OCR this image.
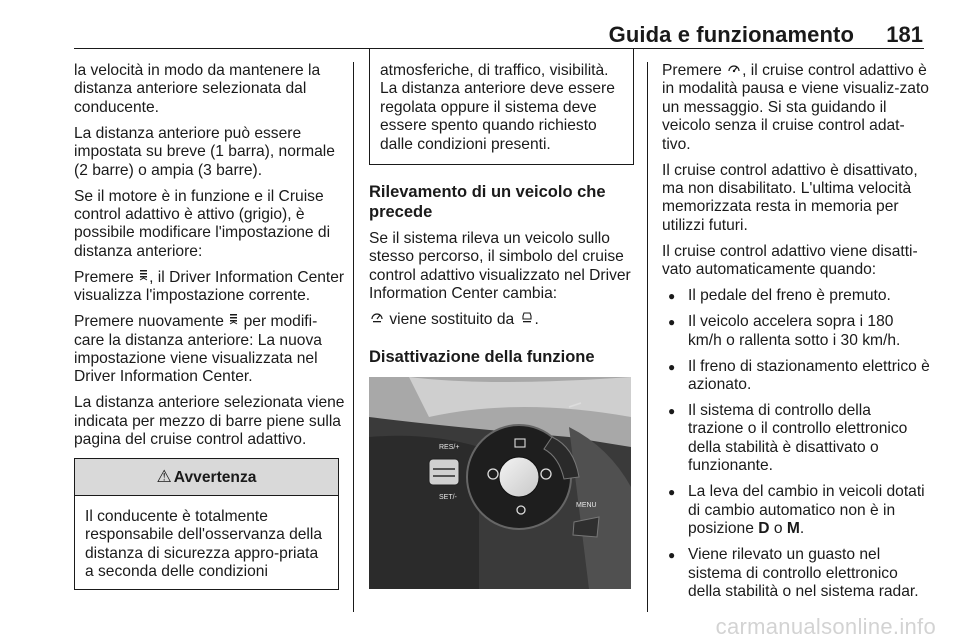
Guida e funzionamento 181

la velocità in modo da mantenere la distanza anteriore selezionata dal conducente.

La distanza anteriore può essere impostata su breve (1 barra), normale (2 barre) o ampia (3 barre).

Se il motore è in funzione e il Cruise control adattivo è attivo (grigio), è possibile modificare l'impostazione di distanza anteriore:

Premere , il Driver Information Center visualizza l'impostazione corrente.

Premere nuovamente  per modifi-care la distanza anteriore: La nuova impostazione viene visualizzata nel Driver Information Center.

La distanza anteriore selezionata viene indicata per mezzo di barre piene sulla pagina del cruise control adattivo.

⚠ Avvertenza

Il conducente è totalmente responsabile dell'osservanza della distanza di sicurezza appro-priata a seconda delle condizioni

atmosferiche, di traffico, visibilità. La distanza anteriore deve essere regolata oppure il sistema deve essere spento quando richiesto dalle condizioni presenti.

Rilevamento di un veicolo che precede

Se il sistema rileva un veicolo sullo stesso percorso, il simbolo del cruise control adattivo visualizzato nel Driver Information Center cambia:

viene sostituito da .

Disattivazione della funzione
RES/+
SET/-
MENU

Premere , il cruise control adattivo è in modalità pausa e viene visualiz-zato un messaggio. Si sta guidando il veicolo senza il cruise control adat-tivo.

Il cruise control adattivo è disattivato, ma non disabilitato. L'ultima velocità memorizzata resta in memoria per utilizzi futuri.

Il cruise control adattivo viene disatti-vato automaticamente quando:

● Il pedale del freno è premuto.
● Il veicolo accelera sopra i 180 km/h o rallenta sotto i 30 km/h.
● Il freno di stazionamento elettrico è azionato.
● Il sistema di controllo della trazione o il controllo elettronico della stabilità è disattivato o funzionante.
● La leva del cambio in veicoli dotati di cambio automatico non è in posizione D o M.
● Viene rilevato un guasto nel sistema di controllo elettronico della stabilità o nel sistema radar.
carmanualsonline.info
